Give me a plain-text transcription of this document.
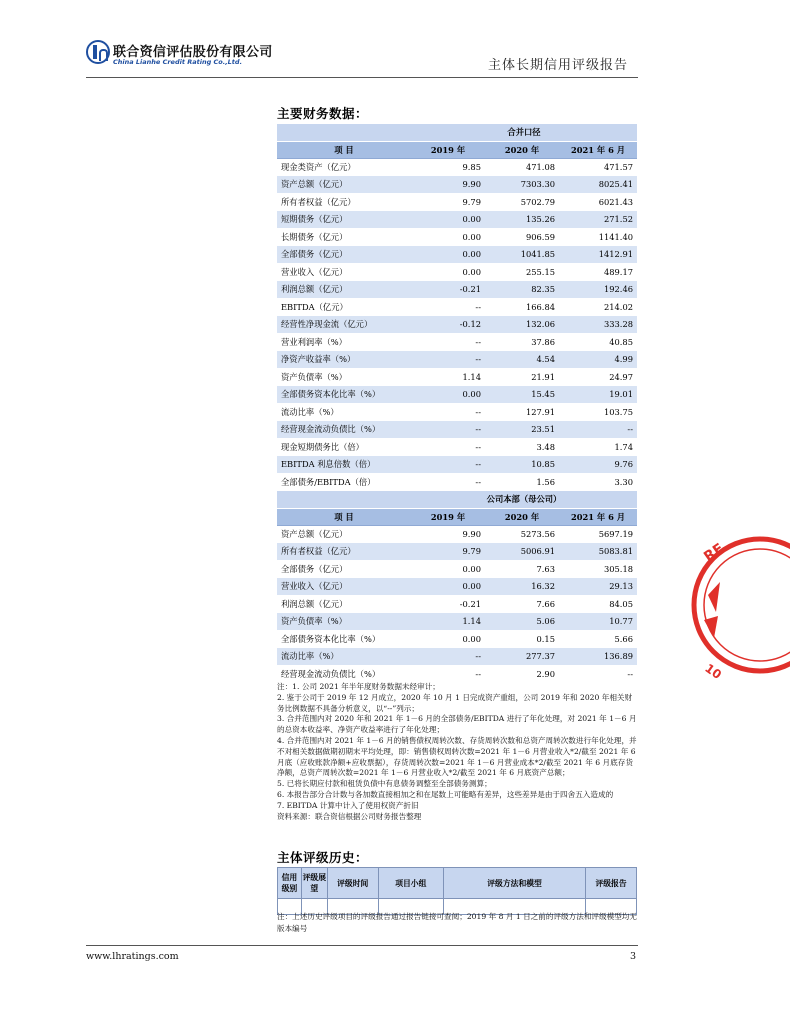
联合资信评估股份有限公司
China Lianhe Credit Rating Co.,Ltd.	主体长期信用评级报告
主要财务数据：
	合并口径		
项 目	2019 年	2020 年	2021 年 6 月
现金类资产（亿元）	9.85	471.08	471.57
资产总额（亿元）	9.90	7303.30	8025.41
所有者权益（亿元）	9.79	5702.79	6021.43
短期债务（亿元）	0.00	135.26	271.52
长期债务（亿元）	0.00	906.59	1141.40
全部债务（亿元）	0.00	1041.85	1412.91
营业收入（亿元）	0.00	255.15	489.17
利润总额（亿元）	-0.21	82.35	192.46
EBITDA（亿元）	--	166.84	214.02
经营性净现金流（亿元）	-0.12	132.06	333.28
营业利润率（%）	--	37.86	40.85
净资产收益率（%）	--	4.54	4.99
资产负债率（%）	1.14	21.91	24.97
全部债务资本化比率（%）	0.00	15.45	19.01
流动比率（%）	--	127.91	103.75
经营现金流动负债比（%）	--	23.51	--
现金短期债务比（倍）	--	3.48	1.74
EBITDA 利息倍数（倍）	--	10.85	9.76
全部债务/EBITDA（倍）	--	1.56	3.30
	公司本部（母公司）		
项 目	2019 年	2020 年	2021 年 6 月
资产总额（亿元）	9.90	5273.56	5697.19
所有者权益（亿元）	9.79	5006.91	5083.81
全部债务（亿元）	0.00	7.63	305.18
营业收入（亿元）	0.00	16.32	29.13
利润总额（亿元）	-0.21	7.66	84.05
资产负债率（%）	1.14	5.06	10.77
全部债务资本化比率（%）	0.00	0.15	5.66
流动比率（%）	--	277.37	136.89
经营现金流动负债比（%）	--	2.90	--
注：1. 公司 2021 年半年度财务数据未经审计；
2. 鉴于公司于 2019 年 12 月成立，2020 年 10 月 1 日完成资产重组，公司 2019 年和 2020 年相关财务比例数据不具备分析意义，以“--”列示；
3. 合并范围内对 2020 年和 2021 年 1－6 月的全部债务/EBITDA 进行了年化处理，对 2021 年 1－6 月的总资本收益率、净资产收益率进行了年化处理；
4. 合并范围内对 2021 年 1－6 月的销售债权周转次数、存货周转次数和总资产周转次数进行年化处理，并不对相关数据做期初期末平均处理，即：销售债权周转次数=2021 年 1－6 月营业收入*2/截至 2021 年 6 月底（应收账款净额+应收票据），存货周转次数=2021 年 1－6 月营业成本*2/截至 2021 年 6 月底存货净额，总资产周转次数=2021 年 1－6 月营业收入*2/截至 2021 年 6 月底资产总额；
5. 已将长期应付款和租赁负债中有息债务调整至全部债务测算；
6. 本报告部分合计数与各加数直接相加之和在尾数上可能略有差异，这些差异是由于四舍五入造成的
7. EBITDA 计算中计入了使用权资产折旧
资料来源：联合资信根据公司财务报告整理
主体评级历史：
信用级别	评级展望	评级时间	项目小组	评级方法和模型	评级报告

注：上述历史评级项目的评级报告通过报告链接可查阅；2019 年 8 月 1 日之前的评级方法和评级模型均无版本编号
www.lhratings.com	3
RE
10
